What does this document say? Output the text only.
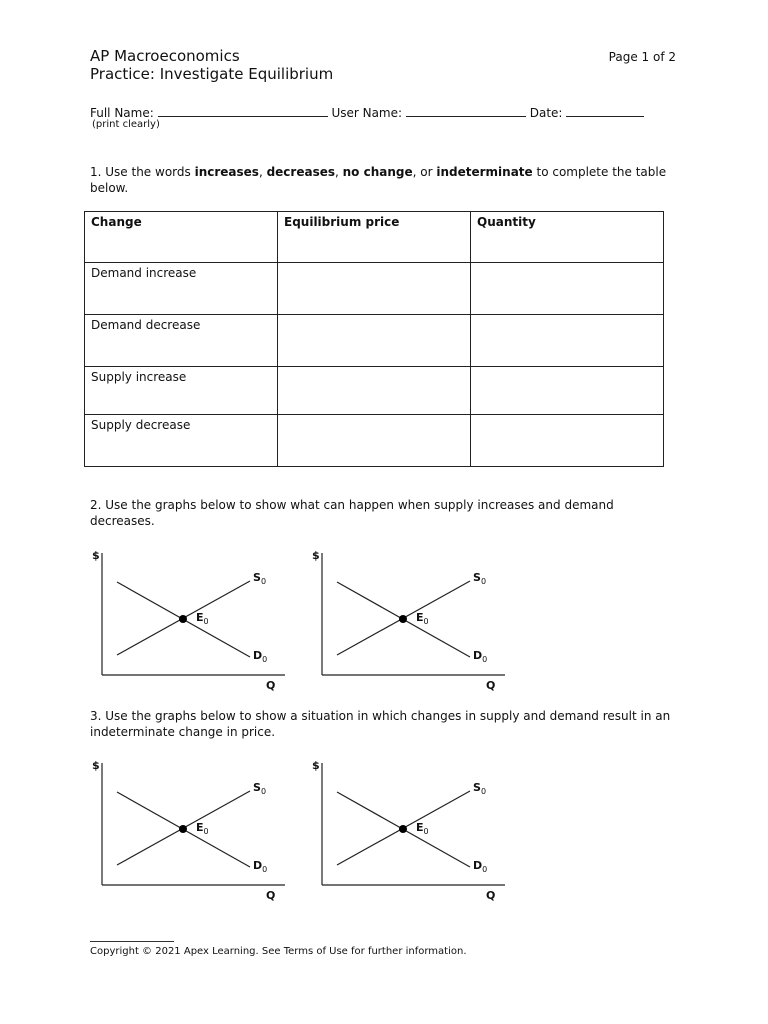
AP Macroeconomics
Practice: Investigate Equilibrium
Page 1 of 2
Full Name:	User Name:	Date:
(print clearly)
1. Use the words increases, decreases, no change, or indeterminate to complete the table below.
Change	Equilibrium price	Quantity
Demand increase		
Demand decrease		
Supply increase		
Supply decrease		
2. Use the graphs below to show what can happen when supply increases and demand decreases.
3. Use the graphs below to show a situation in which changes in supply and demand result in an indeterminate change in price.
$
Q
$S_0$
$D_0$
$E_0$
$
Q
$S_0$
$D_0$
$E_0$
$
Q
$S_0$
$D_0$
$E_0$
$
Q
$S_0$
$D_0$
$E_0$
Copyright © 2021 Apex Learning. See Terms of Use for further information.
